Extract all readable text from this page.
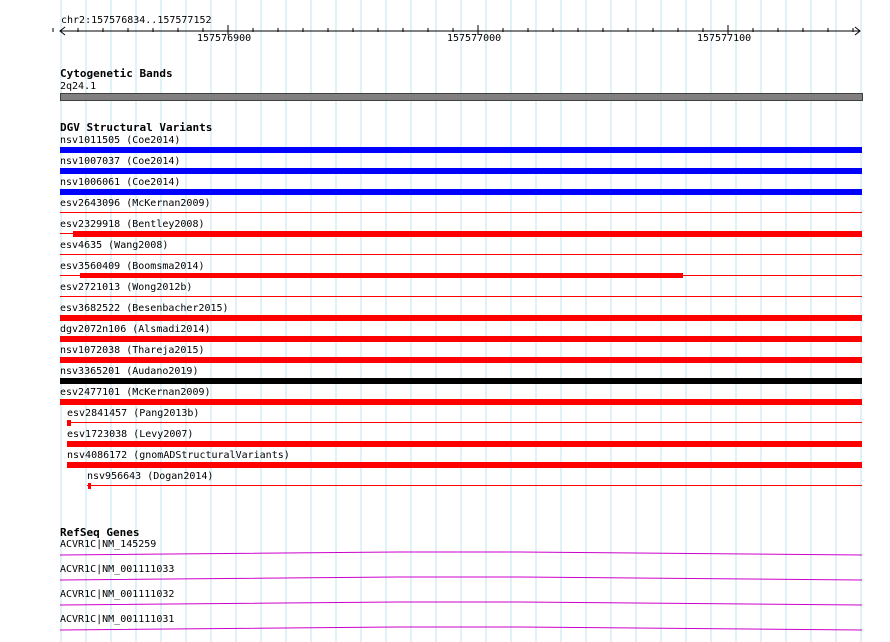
chr2:157576834..157577152
157576900	157577000	157577100
Cytogenetic Bands
2q24.1
DGV Structural Variants
nsv1011505 (Coe2014)
nsv1007037 (Coe2014)
nsv1006061 (Coe2014)
esv2643096 (McKernan2009)
esv2329918 (Bentley2008)
esv4635 (Wang2008)
esv3560409 (Boomsma2014)
esv2721013 (Wong2012b)
esv3682522 (Besenbacher2015)
dgv2072n106 (Alsmadi2014)
nsv1072038 (Thareja2015)
nsv3365201 (Audano2019)
esv2477101 (McKernan2009)
esv2841457 (Pang2013b)
esv1723038 (Levy2007)
nsv4086172 (gnomADStructuralVariants)
nsv956643 (Dogan2014)
RefSeq Genes
ACVR1C|NM_145259
ACVR1C|NM_001111033
ACVR1C|NM_001111032
ACVR1C|NM_001111031
